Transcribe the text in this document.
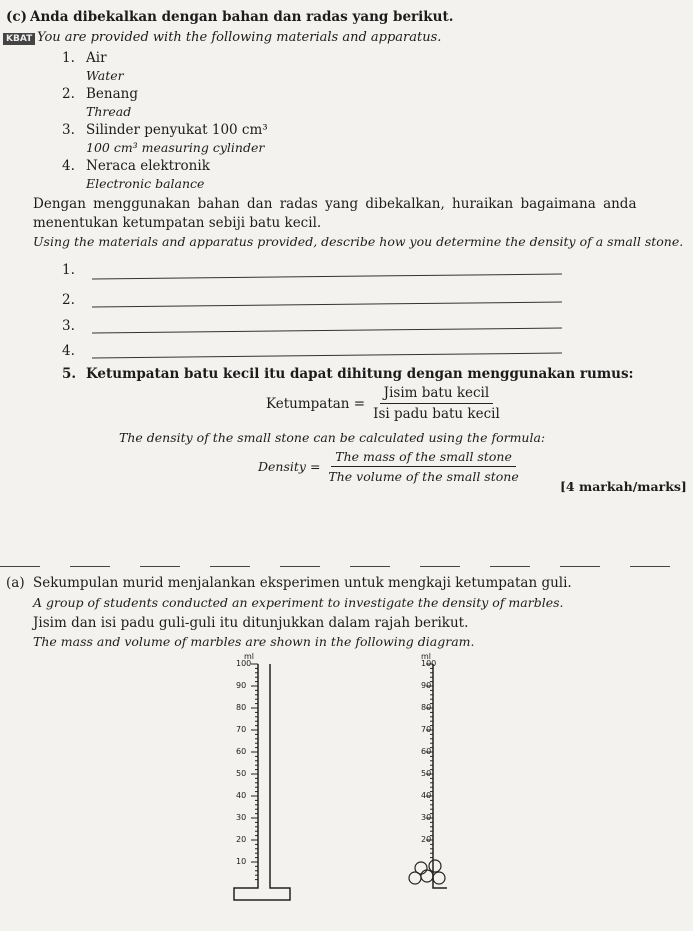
(c) Anda dibekalkan dengan bahan dan radas yang berikut.
KBAT You are provided with the following materials and apparatus.
1. Air
Water
2. Benang
Thread
3. Silinder penyukat 100 cm³
100 cm³ measuring cylinder
4. Neraca elektronik
Electronic balance
Dengan menggunakan bahan dan radas yang dibekalkan, huraikan bagaimana anda
menentukan ketumpatan sebiji batu kecil.
Using the materials and apparatus provided, describe how you determine the density of a small stone.
1.
2.
3.
4.
5. Ketumpatan batu kecil itu dapat dihitung dengan menggunakan rumus:
Ketumpatan = $\frac{\text{Jisim batu kecil}}{\text{Isi padu batu kecil}}$
The density of the small stone can be calculated using the formula:
Density = $\frac{\text{The mass of the small stone}}{\text{The volume of the small stone}}$
[4 markah/marks]
(a) Sekumpulan murid menjalankan eksperimen untuk mengkaji ketumpatan guli.
A group of students conducted an experiment to investigate the density of marbles.
Jisim dan isi padu guli-guli itu ditunjukkan dalam rajah berikut.
The mass and volume of marbles are shown in the following diagram.
ml
100
90
80
70
60
50
40
30
20
10
ml
100
90
80
70
60
50
40
30
20
